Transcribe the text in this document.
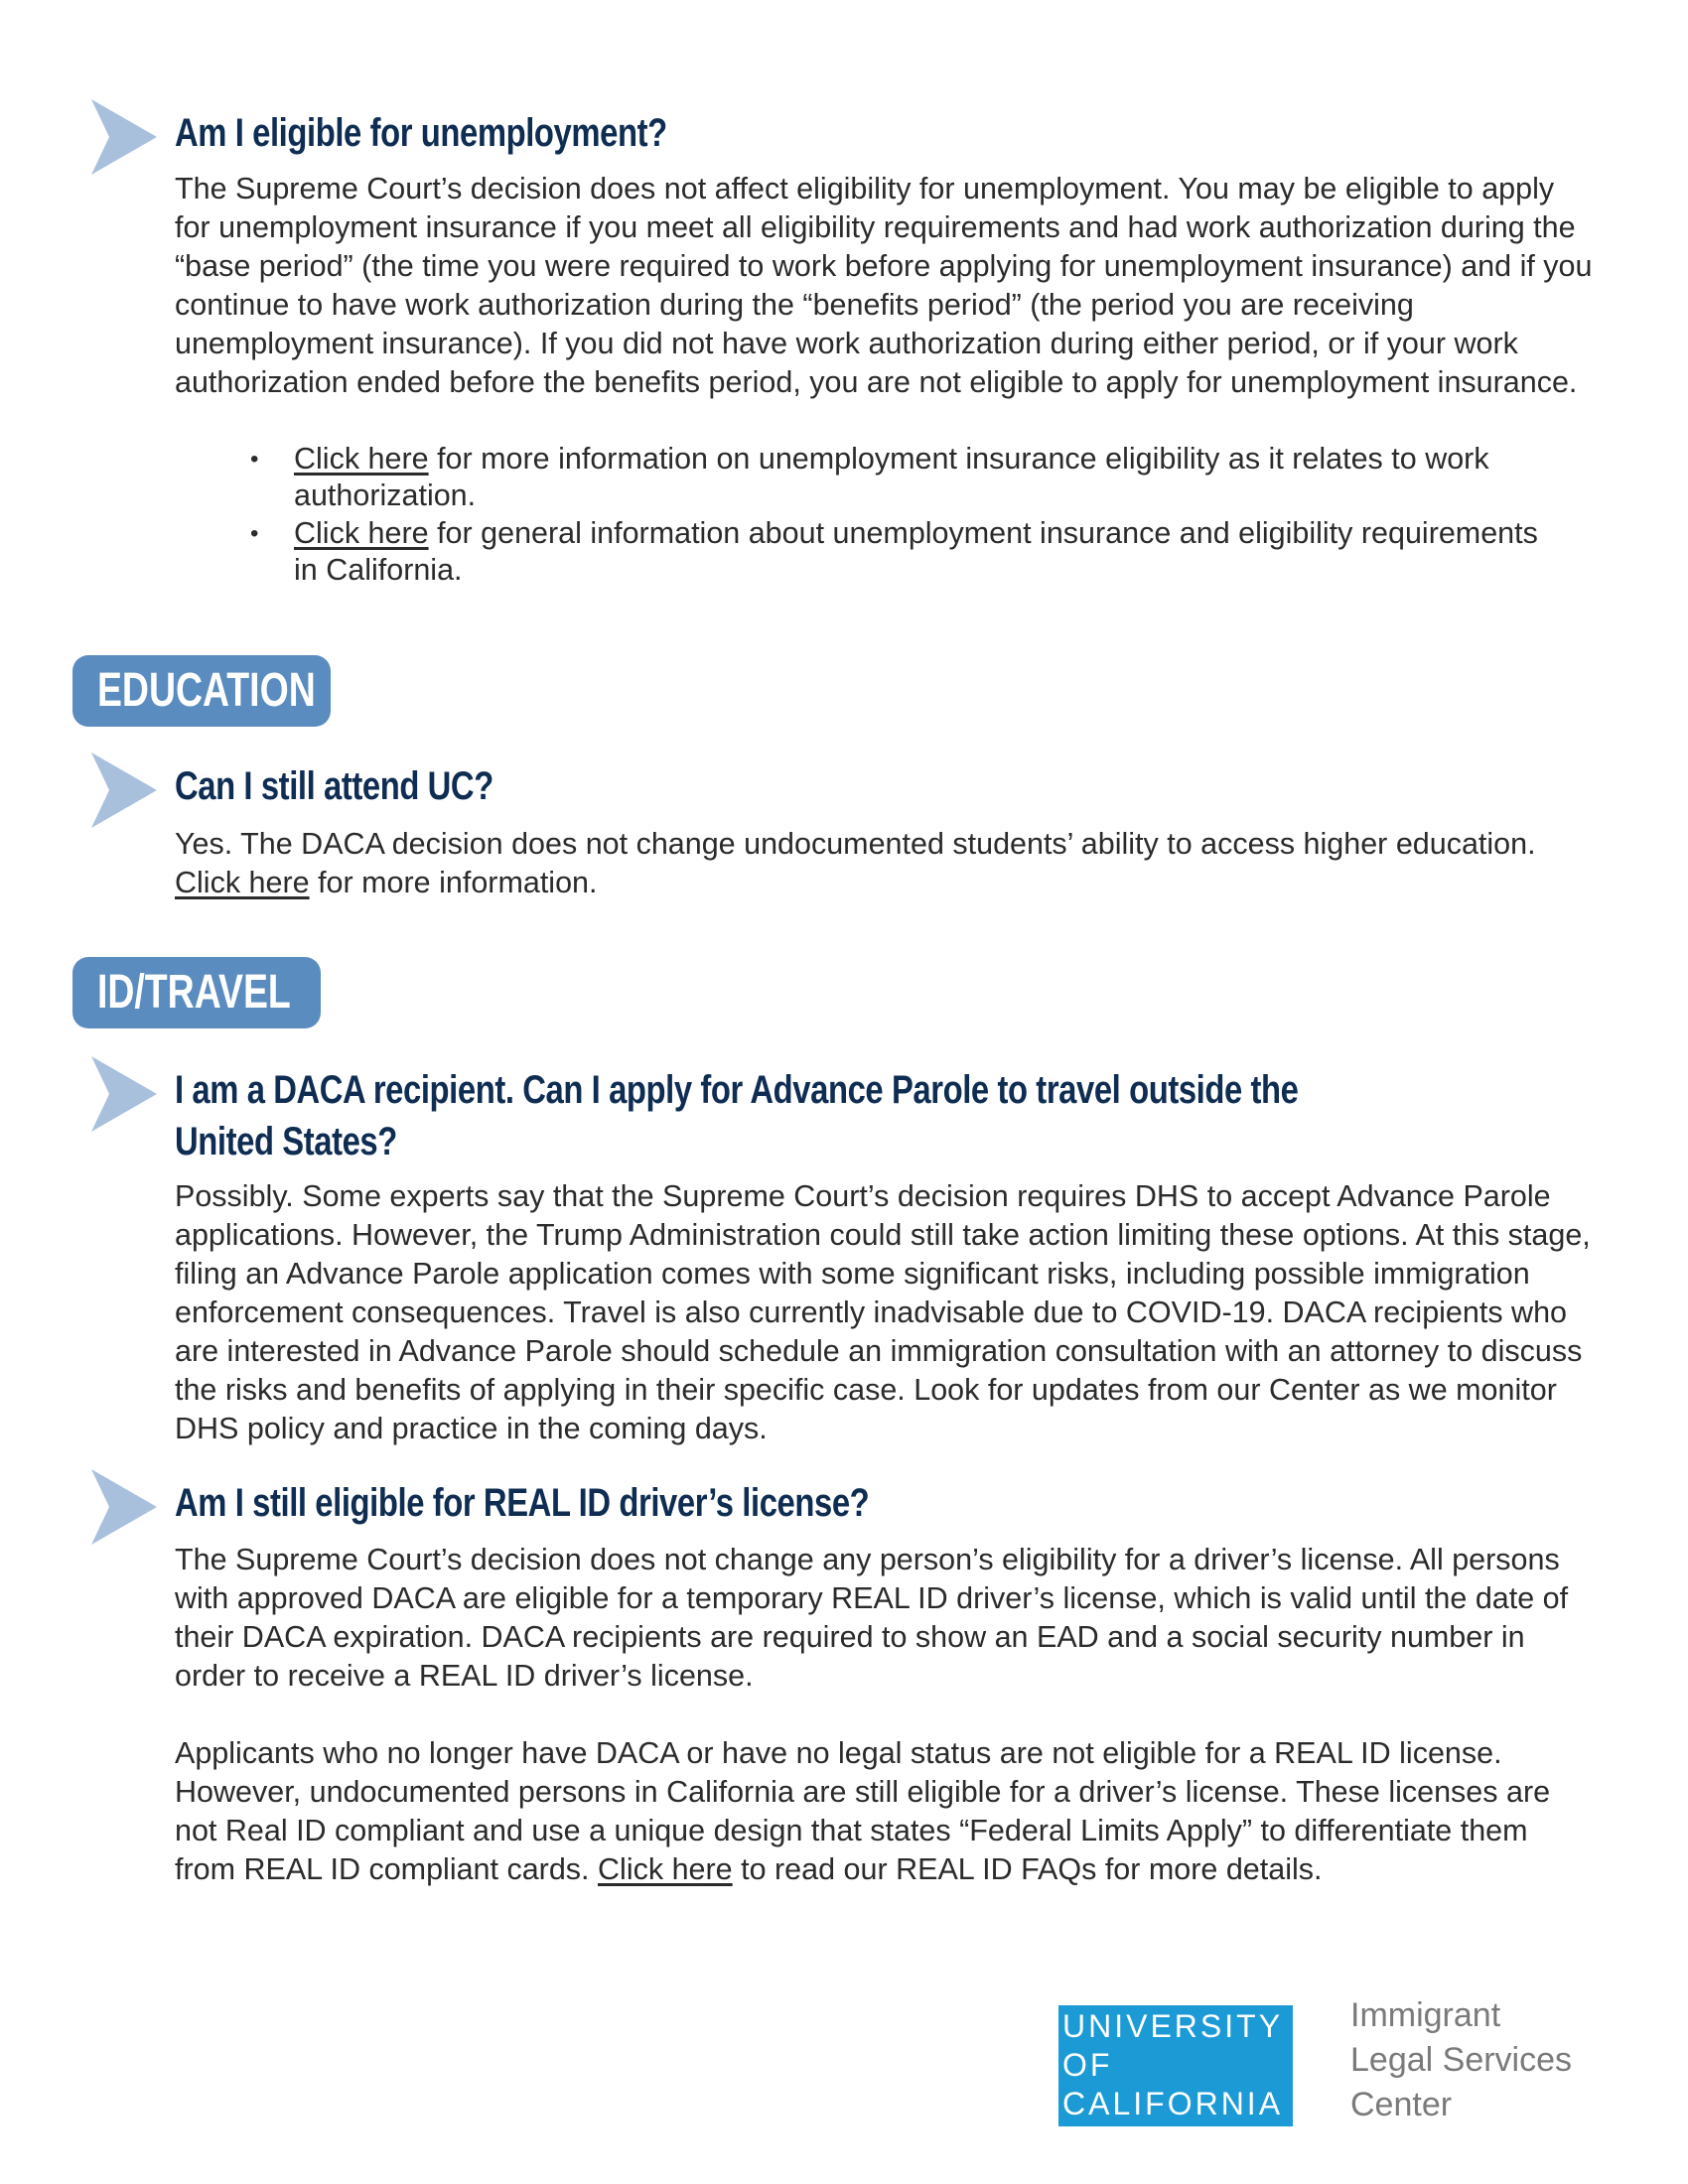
Am I eligible for unemployment?

The Supreme Court’s decision does not affect eligibility for unemployment. You may be eligible to apply for unemployment insurance if you meet all eligibility requirements and had work authorization during the “base period” (the time you were required to work before applying for unemployment insurance) and if you continue to have work authorization during the “benefits period” (the period you are receiving unemployment insurance). If you did not have work authorization during either period, or if your work authorization ended before the benefits period, you are not eligible to apply for unemployment insurance.

• Click here for more information on unemployment insurance eligibility as it relates to work authorization.
• Click here for general information about unemployment insurance and eligibility requirements in California.
EDUCATION
Can I still attend UC?

Yes. The DACA decision does not change undocumented students’ ability to access higher education.
Click here for more information.

ID/TRAVEL
I am a DACA recipient. Can I apply for Advance Parole to travel outside the
United States?

Possibly. Some experts say that the Supreme Court’s decision requires DHS to accept Advance Parole applications. However, the Trump Administration could still take action limiting these options. At this stage, filing an Advance Parole application comes with some significant risks, including possible immigration enforcement consequences. Travel is also currently inadvisable due to COVID-19. DACA recipients who are interested in Advance Parole should schedule an immigration consultation with an attorney to discuss the risks and benefits of applying in their specific case. Look for updates from our Center as we monitor DHS policy and practice in the coming days.

Am I still eligible for REAL ID driver’s license?

The Supreme Court’s decision does not change any person’s eligibility for a driver’s license. All persons with approved DACA are eligible for a temporary REAL ID driver’s license, which is valid until the date of their DACA expiration. DACA recipients are required to show an EAD and a social security number in order to receive a REAL ID driver’s license.

Applicants who no longer have DACA or have no legal status are not eligible for a REAL ID license. However, undocumented persons in California are still eligible for a driver’s license. These licenses are not Real ID compliant and use a unique design that states “Federal Limits Apply” to differentiate them from REAL ID compliant cards. Click here to read our REAL ID FAQs for more details.

UNIVERSITY
OF
CALIFORNIA
Immigrant
Legal Services
Center
